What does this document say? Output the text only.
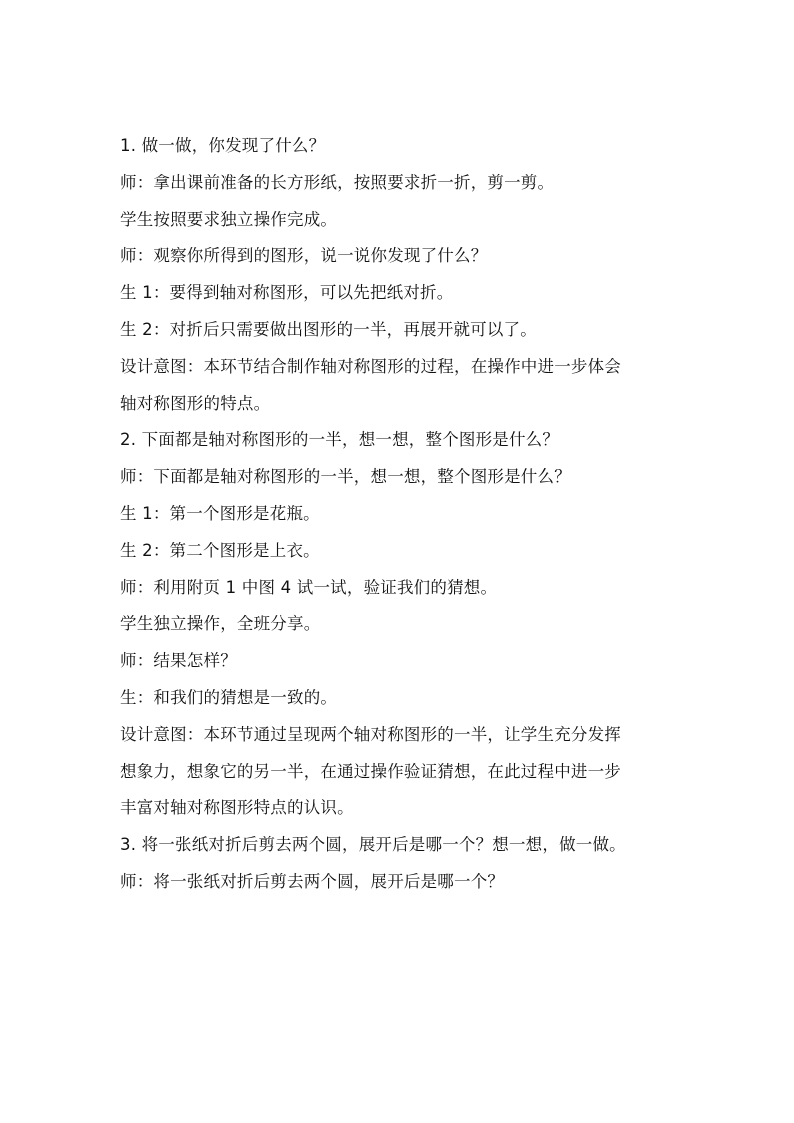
1. 做一做，你发现了什么？
师：拿出课前准备的长方形纸，按照要求折一折，剪一剪。
学生按照要求独立操作完成。
师：观察你所得到的图形，说一说你发现了什么？
生 1：要得到轴对称图形，可以先把纸对折。
生 2：对折后只需要做出图形的一半，再展开就可以了。
设计意图：本环节结合制作轴对称图形的过程，在操作中进一步体会
轴对称图形的特点。
2. 下面都是轴对称图形的一半，想一想，整个图形是什么？
师：下面都是轴对称图形的一半，想一想，整个图形是什么？
生 1：第一个图形是花瓶。
生 2：第二个图形是上衣。
师：利用附页 1 中图 4 试一试，验证我们的猜想。
学生独立操作，全班分享。
师：结果怎样？
生：和我们的猜想是一致的。
设计意图：本环节通过呈现两个轴对称图形的一半，让学生充分发挥
想象力，想象它的另一半，在通过操作验证猜想，在此过程中进一步
丰富对轴对称图形特点的认识。
3. 将一张纸对折后剪去两个圆，展开后是哪一个？想一想，做一做。
师：将一张纸对折后剪去两个圆，展开后是哪一个？
